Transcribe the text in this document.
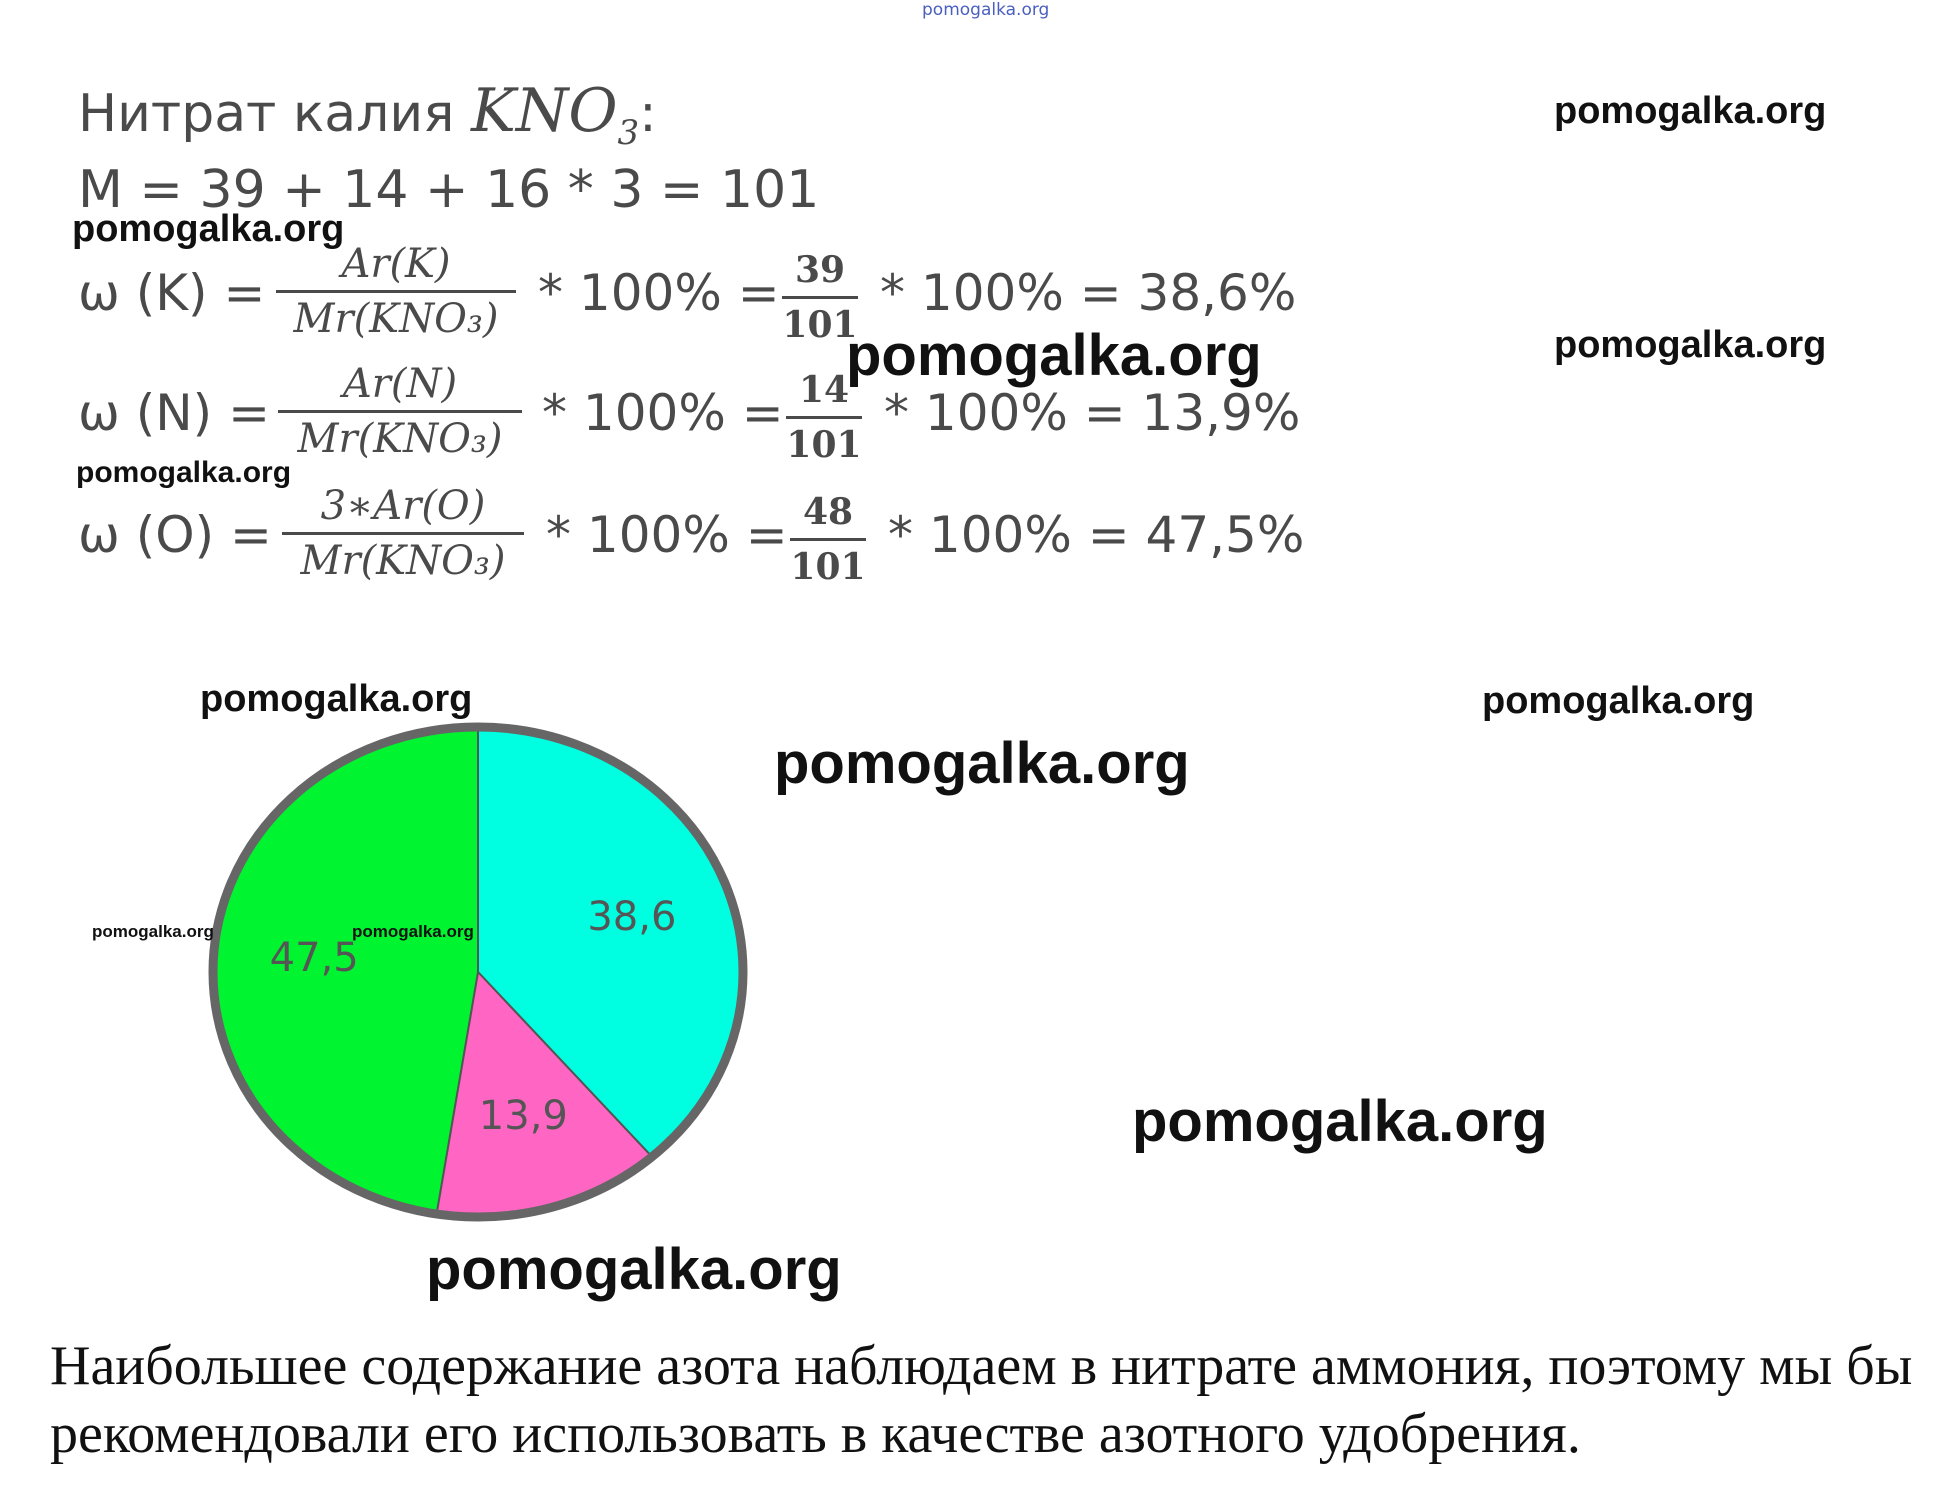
pomogalka.org
Нитрат калия $KNO_3$:
M = 39 + 14 + 16 * 3 = 101
ω (K) =	Ar(K)
Mr(KNO₃) * 100% = 39
101
* 100% = 38,6%
ω (N) =	Ar(N)
Mr(KNO₃) * 100% = 14
101
* 100% = 13,9%
ω (O) =	3∗Ar(O)
Mr(KNO₃) * 100% = 48
101
* 100% = 47,5%
38,6
13,9
47,5
pomogalka.org
pomogalka.org
pomogalka.org
pomogalka.org
pomogalka.org
pomogalka.org	pomogalka.org
pomogalka.org
pomogalka.org	pomogalka.org
pomogalka.org
pomogalka.org
Наибольшее содержание азота наблюдаем в нитрате аммония, поэтому мы бы рекомендовали его использовать в качестве азотного удобрения.
